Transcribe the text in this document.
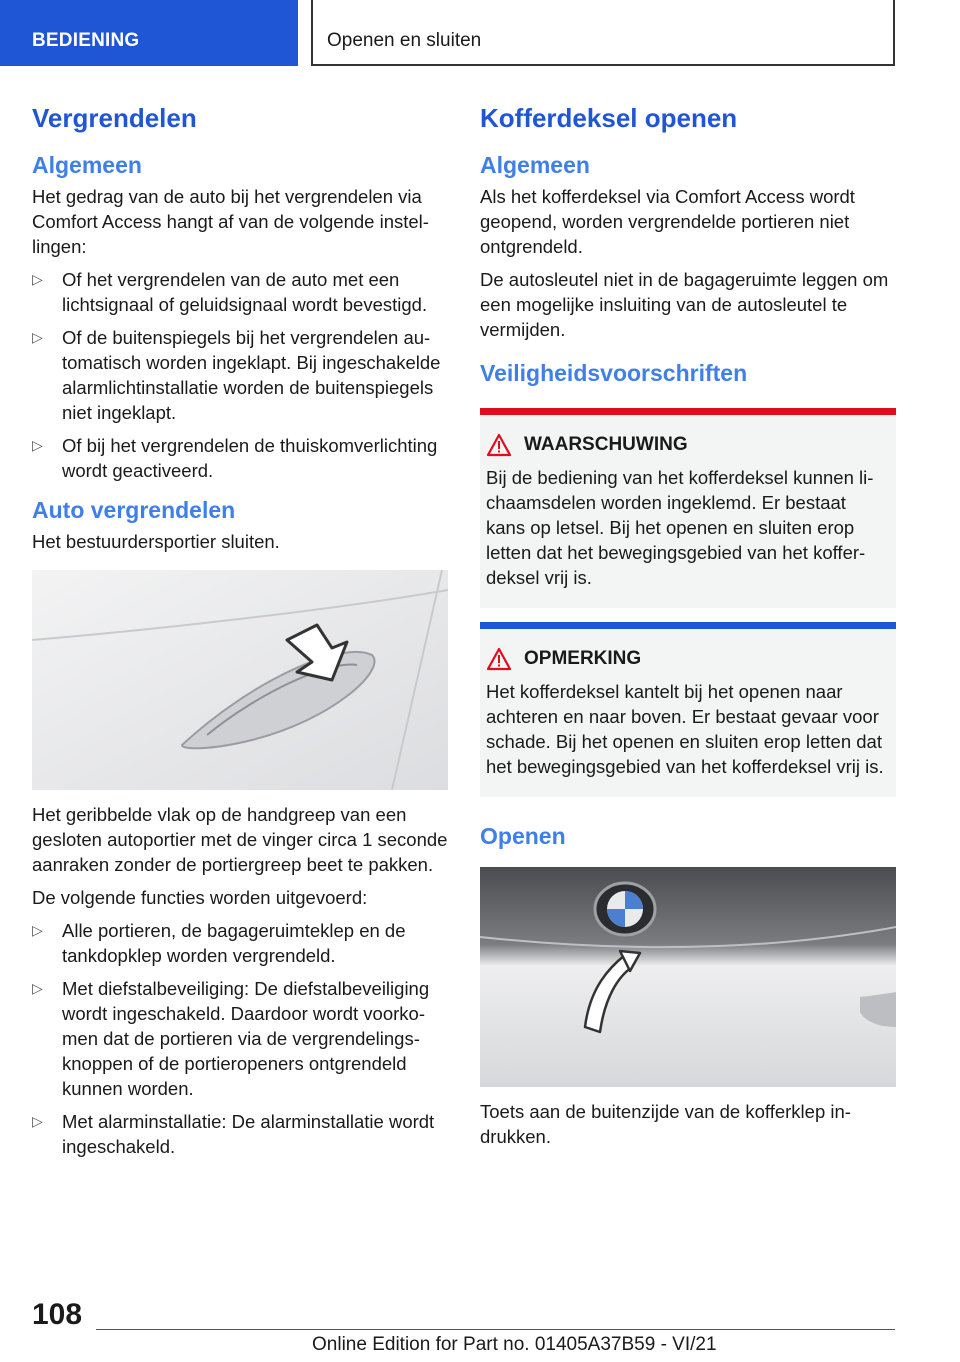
BEDIENING	Openen en sluiten
Vergrendelen
Algemeen

Het gedrag van de auto bij het vergrendelen via Comfort Access hangt af van de volgende instellingen:

▷ Of het vergrendelen van de auto met een lichtsignaal of geluidsignaal wordt bevestigd.
▷ Of de buitenspiegels bij het vergrendelen automatisch worden ingeklapt. Bij ingeschakelde alarmlichtinstallatie worden de buitenspiegels niet ingeklapt.
▷ Of bij het vergrendelen de thuiskomverlichting wordt geactiveerd.
Auto vergrendelen

Het bestuurdersportier sluiten.

Het geribbelde vlak op de handgreep van een gesloten autoportier met de vinger circa 1 seconde aanraken zonder de portiergreep beet te pakken.

De volgende functies worden uitgevoerd:

▷ Alle portieren, de bagageruimteklep en de tankdopklep worden vergrendeld.
▷ Met diefstalbeveiliging: De diefstalbeveiliging wordt ingeschakeld. Daardoor wordt voorkomen dat de portieren via de vergrendelingsknoppen of de portieropeners ontgrendeld kunnen worden.
▷ Met alarminstallatie: De alarminstallatie wordt ingeschakeld.
Kofferdeksel openen
Algemeen

Als het kofferdeksel via Comfort Access wordt geopend, worden vergrendelde portieren niet ontgrendeld.

De autosleutel niet in de bagageruimte leggen om een mogelijke insluiting van de autosleutel te vermijden.

Veiligheidsvoorschriften
WAARSCHUWING

Bij de bediening van het kofferdeksel kunnen lichaamsdelen worden ingeklemd. Er bestaat kans op letsel. Bij het openen en sluiten erop letten dat het bewegingsgebied van het kofferdeksel vrij is.

OPMERKING

Het kofferdeksel kantelt bij het openen naar achteren en naar boven. Er bestaat gevaar voor schade. Bij het openen en sluiten erop letten dat het bewegingsgebied van het kofferdeksel vrij is.

Openen

Toets aan de buitenzijde van de kofferklep indrukken.

108
Online Edition for Part no. 01405A37B59 - VI/21
